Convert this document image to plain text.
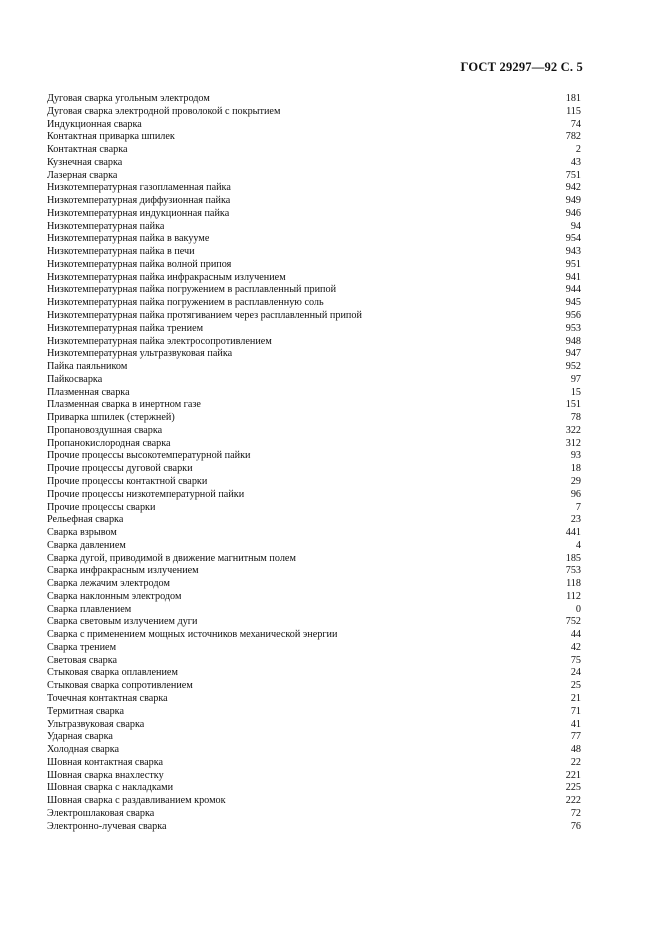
ГОСТ 29297—92 С. 5
Дуговая сварка угольным электродом	181
Дуговая сварка электродной проволокой с покрытием	115
Индукционная сварка	74
Контактная приварка шпилек	782
Контактная сварка	2
Кузнечная сварка	43
Лазерная сварка	751
Низкотемпературная газопламенная пайка	942
Низкотемпературная диффузионная пайка	949
Низкотемпературная индукционная пайка	946
Низкотемпературная пайка	94
Низкотемпературная пайка в вакууме	954
Низкотемпературная пайка в печи	943
Низкотемпературная пайка волной припоя	951
Низкотемпературная пайка инфракрасным излучением	941
Низкотемпературная пайка погружением в расплавленный припой	944
Низкотемпературная пайка погружением в расплавленную соль	945
Низкотемпературная пайка протягиванием через расплавленный припой	956
Низкотемпературная пайка трением	953
Низкотемпературная пайка электросопротивлением	948
Низкотемпературная ультразвуковая пайка	947
Пайка паяльником	952
Пайкосварка	97
Плазменная сварка	15
Плазменная сварка в инертном газе	151
Приварка шпилек (стержней)	78
Пропановоздушная сварка	322
Пропанокислородная сварка	312
Прочие процессы высокотемпературной пайки	93
Прочие процессы дуговой сварки	18
Прочие процессы контактной сварки	29
Прочие процессы низкотемпературной пайки	96
Прочие процессы сварки	7
Рельефная сварка	23
Сварка взрывом	441
Сварка давлением	4
Сварка дугой, приводимой в движение магнитным полем	185
Сварка инфракрасным излучением	753
Сварка лежачим электродом	118
Сварка наклонным электродом	112
Сварка плавлением	0
Сварка световым излучением дуги	752
Сварка с применением мощных источников механической энергии	44
Сварка трением	42
Световая сварка	75
Стыковая сварка оплавлением	24
Стыковая сварка сопротивлением	25
Точечная контактная сварка	21
Термитная сварка	71
Ультразвуковая сварка	41
Ударная сварка	77
Холодная сварка	48
Шовная контактная сварка	22
Шовная сварка внахлестку	221
Шовная сварка с накладками	225
Шовная сварка с раздавливанием кромок	222
Электрошлаковая сварка	72
Электронно-лучевая сварка	76
